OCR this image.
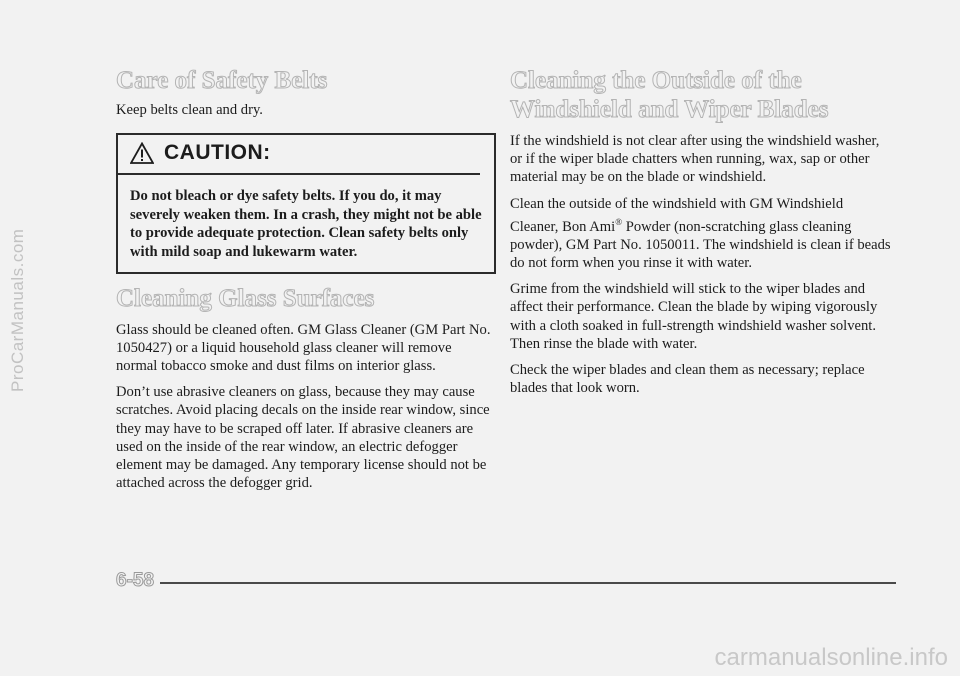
ProCarManuals.com
Care of Safety Belts

Keep belts clean and dry.

CAUTION:
Do not bleach or dye safety belts. If you do, it may severely weaken them. In a crash, they might not be able to provide adequate protection. Clean safety belts only with mild soap and lukewarm water.
Cleaning Glass Surfaces

Glass should be cleaned often. GM Glass Cleaner (GM Part No. 1050427) or a liquid household glass cleaner will remove normal tobacco smoke and dust films on interior glass.

Don’t use abrasive cleaners on glass, because they may cause scratches. Avoid placing decals on the inside rear window, since they may have to be scraped off later. If abrasive cleaners are used on the inside of the rear window, an electric defogger element may be damaged. Any temporary license should not be attached across the defogger grid.

Cleaning the Outside of the
Windshield and Wiper Blades

If the windshield is not clear after using the windshield washer, or if the wiper blade chatters when running, wax, sap or other material may be on the blade or windshield.

Clean the outside of the windshield with GM Windshield Cleaner, Bon Ami® Powder (non-scratching glass cleaning powder), GM Part No. 1050011. The windshield is clean if beads do not form when you rinse it with water.

Grime from the windshield will stick to the wiper blades and affect their performance. Clean the blade by wiping vigorously with a cloth soaked in full-strength windshield washer solvent. Then rinse the blade with water.

Check the wiper blades and clean them as necessary; replace blades that look worn.

6-58
carmanualsonline.info
